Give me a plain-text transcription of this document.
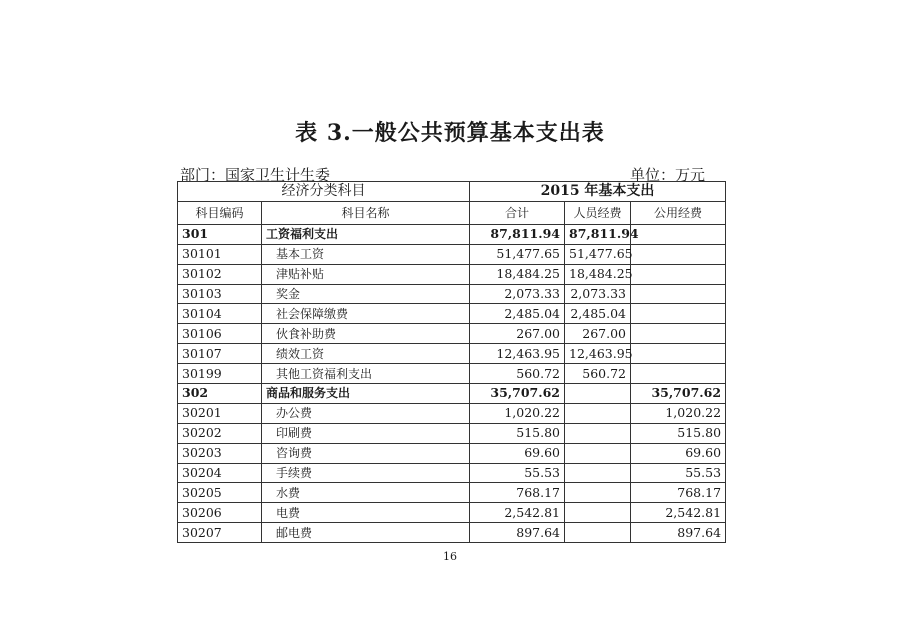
表 3.一般公共预算基本支出表
部门：国家卫生计生委	单位：万元
经济分类科目		2015 年基本支出		
科目编码	科目名称	合计	人员经费	公用经费
301	工资福利支出	87,811.94	87,811.94	
30101	基本工资	51,477.65	51,477.65	
30102	津贴补贴	18,484.25	18,484.25	
30103	奖金	2,073.33	2,073.33	
30104	社会保障缴费	2,485.04	2,485.04	
30106	伙食补助费	267.00	267.00	
30107	绩效工资	12,463.95	12,463.95	
30199	其他工资福利支出	560.72	560.72	
302	商品和服务支出	35,707.62		35,707.62
30201	办公费	1,020.22		1,020.22
30202	印刷费	515.80		515.80
30203	咨询费	69.60		69.60
30204	手续费	55.53		55.53
30205	水费	768.17		768.17
30206	电费	2,542.81		2,542.81
30207	邮电费	897.64		897.64
16
